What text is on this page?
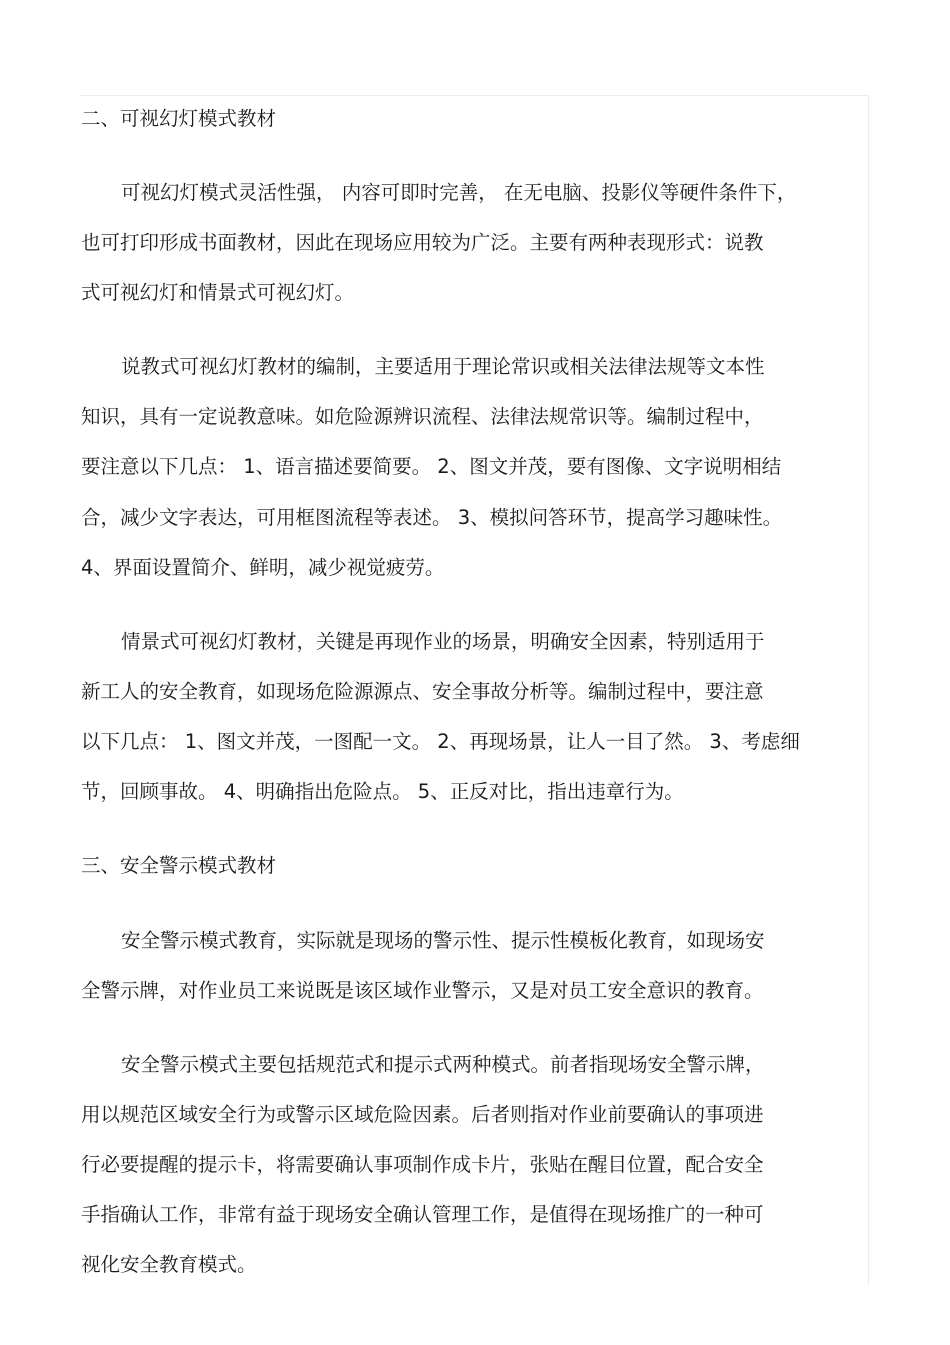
二、可视幻灯模式教材
可视幻灯模式灵活性强， 内容可即时完善， 在无电脑、投影仪等硬件条件下，
也可打印形成书面教材，因此在现场应用较为广泛。主要有两种表现形式：说教
式可视幻灯和情景式可视幻灯。
说教式可视幻灯教材的编制，主要适用于理论常识或相关法律法规等文本性
知识，具有一定说教意味。如危险源辨识流程、法律法规常识等。编制过程中，
要注意以下几点： 1、语言描述要简要。 2、图文并茂，要有图像、文字说明相结
合，减少文字表达，可用框图流程等表述。 3、模拟问答环节，提高学习趣味性。
4、界面设置简介、鲜明，减少视觉疲劳。
情景式可视幻灯教材，关键是再现作业的场景，明确安全因素，特别适用于
新工人的安全教育，如现场危险源源点、安全事故分析等。编制过程中，要注意
以下几点： 1、图文并茂，一图配一文。 2、再现场景，让人一目了然。 3、考虑细
节，回顾事故。 4、明确指出危险点。 5、正反对比，指出违章行为。
三、安全警示模式教材
安全警示模式教育，实际就是现场的警示性、提示性模板化教育，如现场安
全警示牌，对作业员工来说既是该区域作业警示，又是对员工安全意识的教育。
安全警示模式主要包括规范式和提示式两种模式。前者指现场安全警示牌，
用以规范区域安全行为或警示区域危险因素。后者则指对作业前要确认的事项进
行必要提醒的提示卡，将需要确认事项制作成卡片，张贴在醒目位置，配合安全
手指确认工作，非常有益于现场安全确认管理工作，是值得在现场推广的一种可
视化安全教育模式。
